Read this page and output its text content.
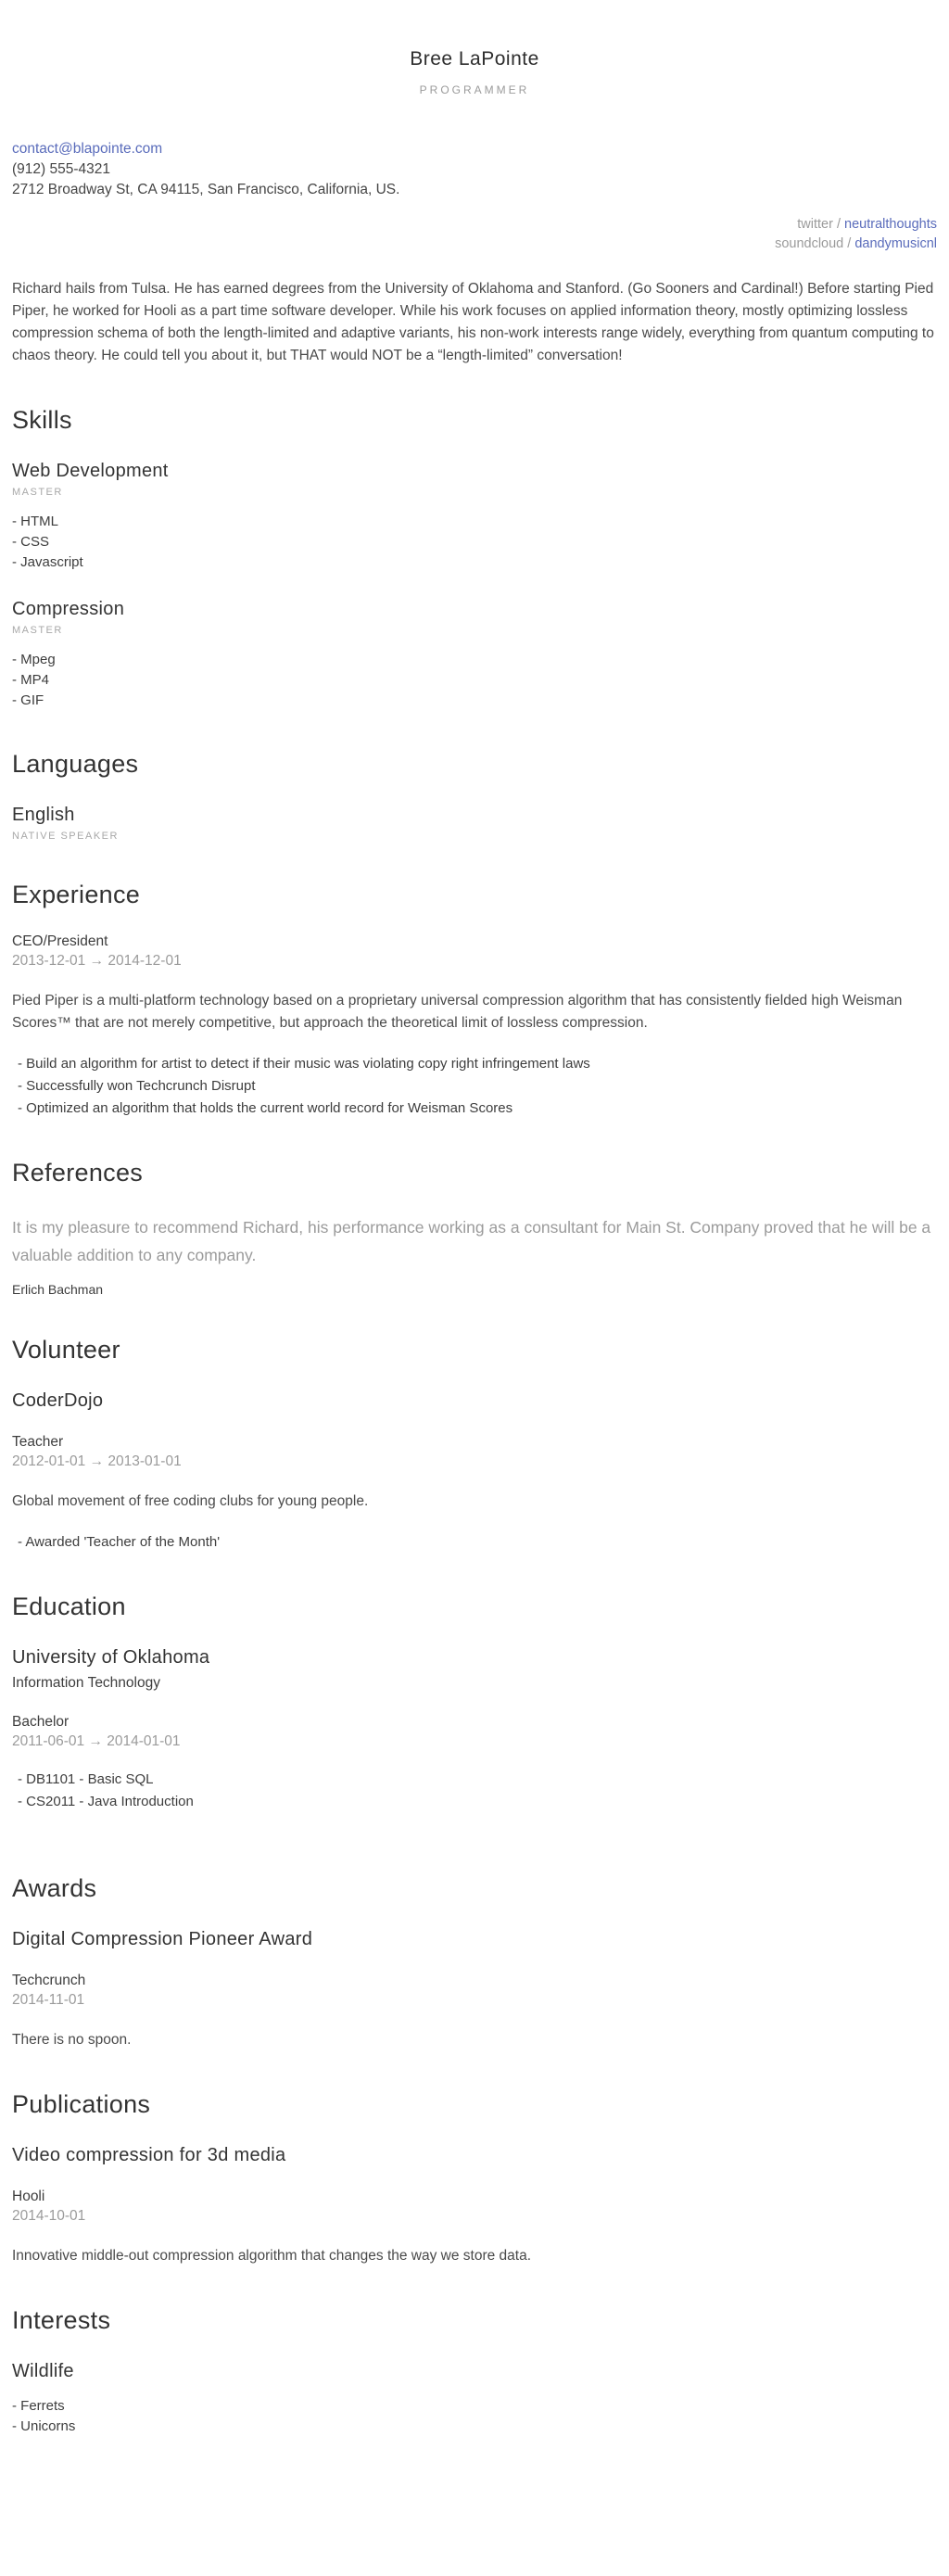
Bree LaPointe
PROGRAMMER
contact@blapointe.com
(912) 555-4321
2712 Broadway St, CA 94115, San Francisco, California, US.
twitter / neutralthoughts
soundcloud / dandymusicnl

Richard hails from Tulsa. He has earned degrees from the University of Oklahoma and Stanford. (Go Sooners and Cardinal!) Before starting Pied Piper, he worked for Hooli as a part time software developer. While his work focuses on applied information theory, mostly optimizing lossless compression schema of both the length-limited and adaptive variants, his non-work interests range widely, everything from quantum computing to chaos theory. He could tell you about it, but THAT would NOT be a “length-limited” conversation!

Skills
Web Development
MASTER
- HTML
- CSS
- Javascript
Compression
MASTER
- Mpeg
- MP4
- GIF
Languages
English
NATIVE SPEAKER
Experience
CEO/President
2013-12-01 → 2014-12-01

Pied Piper is a multi-platform technology based on a proprietary universal compression algorithm that has consistently fielded high Weisman Scores™ that are not merely competitive, but approach the theoretical limit of lossless compression.

- Build an algorithm for artist to detect if their music was violating copy right infringement laws
- Successfully won Techcrunch Disrupt
- Optimized an algorithm that holds the current world record for Weisman Scores
References

It is my pleasure to recommend Richard, his performance working as a consultant for Main St. Company proved that he will be a valuable addition to any company.

Erlich Bachman
Volunteer
CoderDojo
Teacher
2012-01-01 → 2013-01-01

Global movement of free coding clubs for young people.

- Awarded 'Teacher of the Month'
Education
University of Oklahoma
Information Technology
Bachelor
2011-06-01 → 2014-01-01
- DB1101 - Basic SQL
- CS2011 - Java Introduction
Awards
Digital Compression Pioneer Award
Techcrunch
2014-11-01

There is no spoon.

Publications
Video compression for 3d media
Hooli
2014-10-01

Innovative middle-out compression algorithm that changes the way we store data.

Interests
Wildlife
- Ferrets
- Unicorns
